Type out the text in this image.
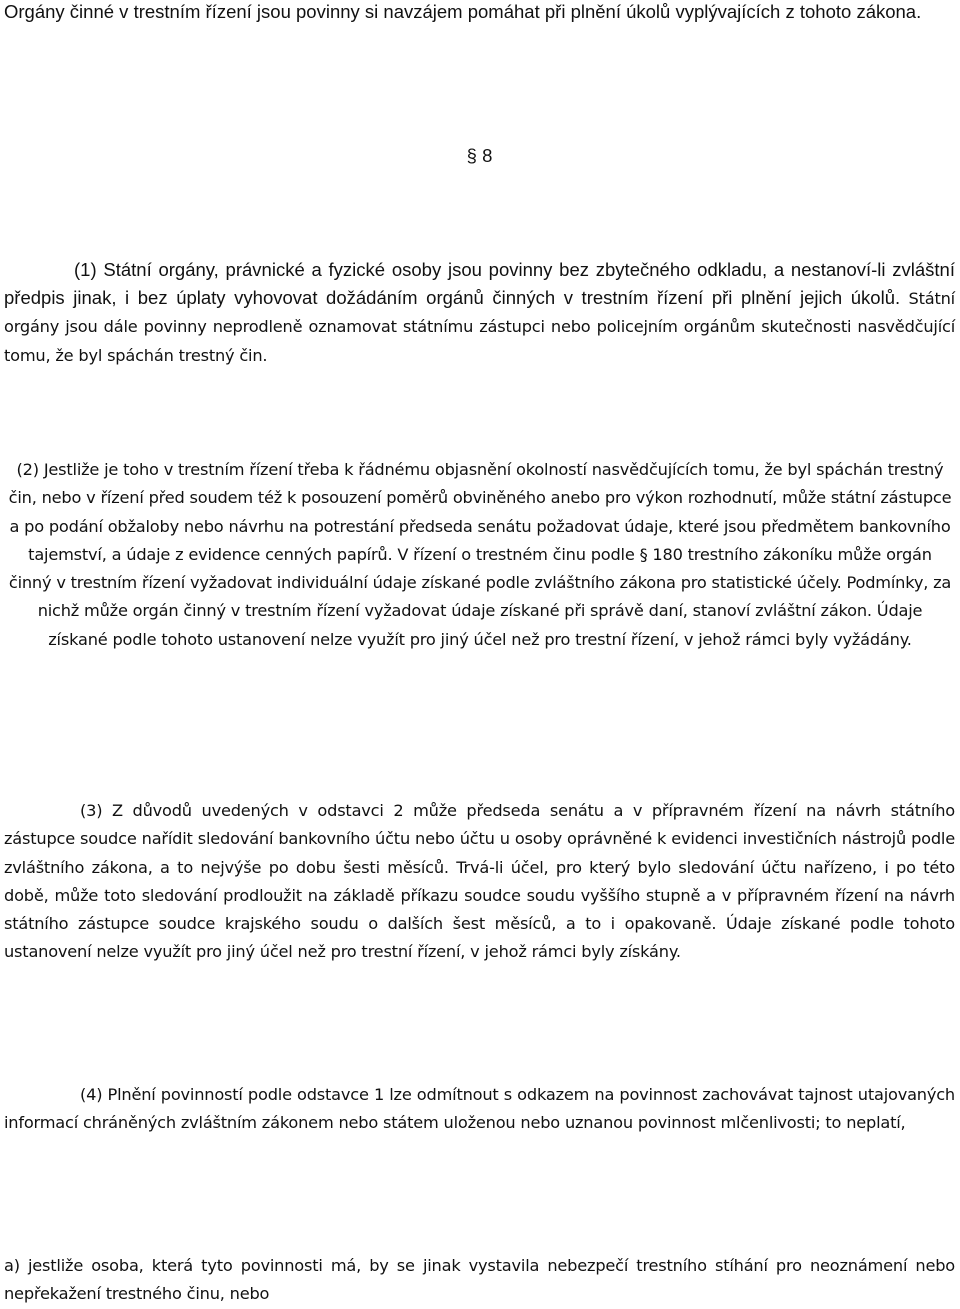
Orgány činné v trestním řízení jsou povinny si navzájem pomáhat při plnění úkolů vyplývajících z tohoto zákona.

§ 8

(1) Státní orgány, právnické a fyzické osoby jsou povinny bez zbytečného odkladu, a nestanoví-li zvláštní předpis jinak, i bez úplaty vyhovovat dožádáním orgánů činných v trestním řízení při plnění jejich úkolů. Státní orgány jsou dále povinny neprodleně oznamovat státnímu zástupci nebo policejním orgánům skutečnosti nasvědčující tomu, že byl spáchán trestný čin.

(2) Jestliže je toho v trestním řízení třeba k řádnému objasnění okolností nasvědčujících tomu, že byl spáchán trestný čin, nebo v řízení před soudem též k posouzení poměrů obviněného anebo pro výkon rozhodnutí, může státní zástupce a po podání obžaloby nebo návrhu na potrestání předseda senátu požadovat údaje, které jsou předmětem bankovního tajemství, a údaje z evidence cenných papírů. V řízení o trestném činu podle § 180 trestního zákoníku může orgán činný v trestním řízení vyžadovat individuální údaje získané podle zvláštního zákona pro statistické účely. Podmínky, za nichž může orgán činný v trestním řízení vyžadovat údaje získané při správě daní, stanoví zvláštní zákon. Údaje získané podle tohoto ustanovení nelze využít pro jiný účel než pro trestní řízení, v jehož rámci byly vyžádány.

(3) Z důvodů uvedených v odstavci 2 může předseda senátu a v přípravném řízení na návrh státního zástupce soudce nařídit sledování bankovního účtu nebo účtu u osoby oprávněné k evidenci investičních nástrojů podle zvláštního zákona, a to nejvýše po dobu šesti měsíců. Trvá-li účel, pro který bylo sledování účtu nařízeno, i po této době, může toto sledování prodloužit na základě příkazu soudce soudu vyššího stupně a v přípravném řízení na návrh státního zástupce soudce krajského soudu o dalších šest měsíců, a to i opakovaně. Údaje získané podle tohoto ustanovení nelze využít pro jiný účel než pro trestní řízení, v jehož rámci byly získány.

(4) Plnění povinností podle odstavce 1 lze odmítnout s odkazem na povinnost zachovávat tajnost utajovaných informací chráněných zvláštním zákonem nebo státem uloženou nebo uznanou povinnost mlčenlivosti; to neplatí,

a) jestliže osoba, která tyto povinnosti má, by se jinak vystavila nebezpečí trestního stíhání pro neoznámení nebo nepřekažení trestného činu, nebo
